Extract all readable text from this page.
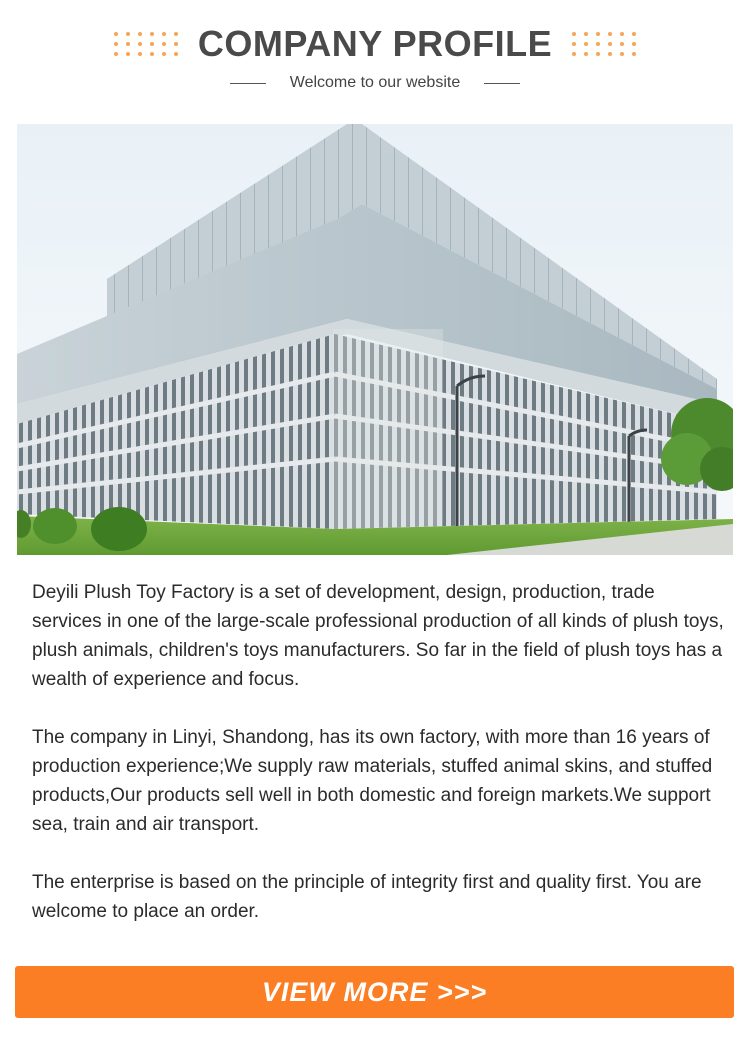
COMPANY PROFILE
Welcome to our website

Deyili Plush Toy Factory is a set of development, design, production, trade services in one of the large-scale professional production of all kinds of plush toys, plush animals, children's toys manufacturers. So far in the field of plush toys has a wealth of experience and focus.

The company in Linyi, Shandong, has its own factory, with more than 16 years of production experience;We supply raw materials, stuffed animal skins, and stuffed products,Our products sell well in both domestic and foreign markets.We support sea, train and air transport.

The enterprise is based on the principle of integrity first and quality first. You are welcome to place an order.

VIEW MORE >>>
